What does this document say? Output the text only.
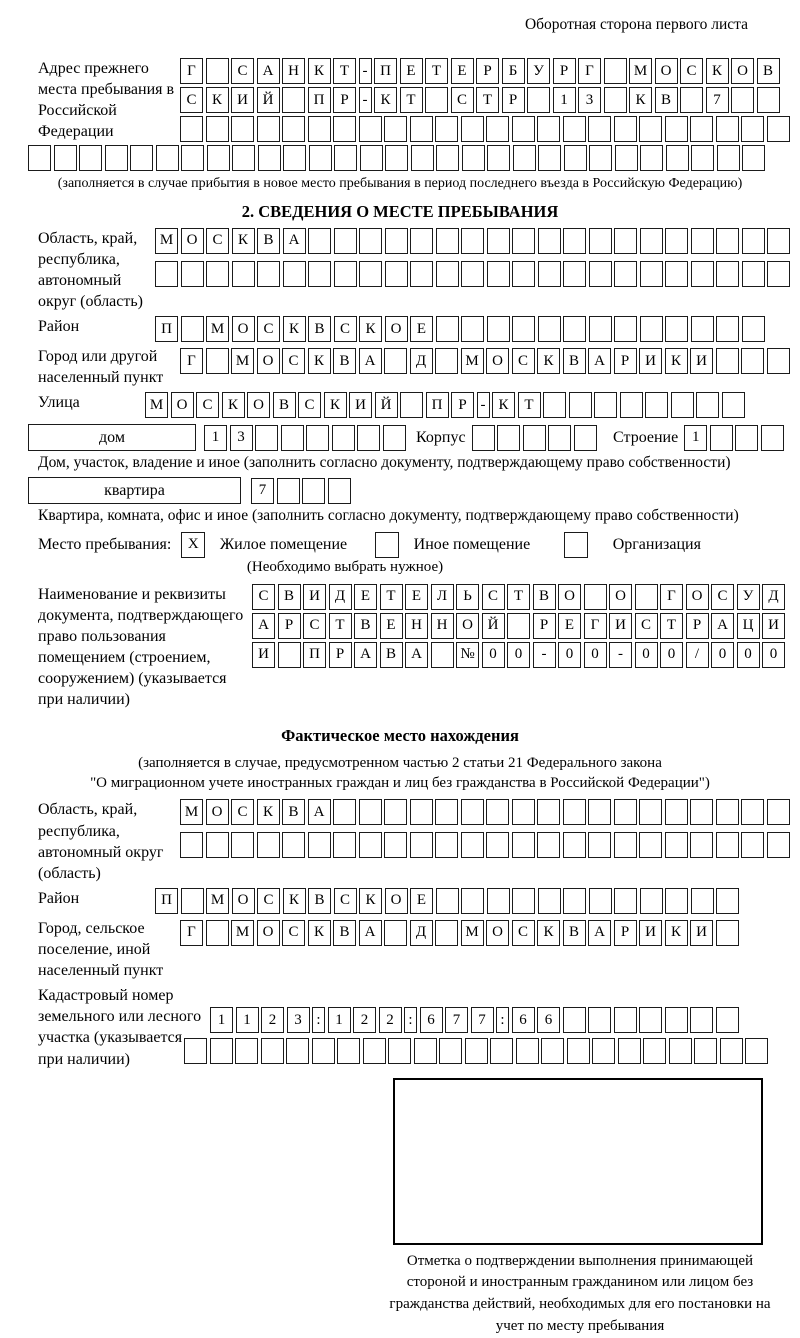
Оборотная сторона первого листа
Адрес прежнего места пребывания в Российской Федерации
Г	С	А Н	К	Т - П	Е	Т	Е	Р	Б	У	Р	Г	М О	С	К	О	В
С	К	И Й	П	Р - К	Т	С	Т	Р	1	3	К	В	7
(заполняется в случае прибытия в новое место пребывания в период последнего въезда в Российскую Федерацию)
2. СВЕДЕНИЯ О МЕСТЕ ПРЕБЫВАНИЯ
Область, край, республика, автономный округ (область)
М О	С	К	В	А
Район	П	М О	С	К	В	С	К	О	Е
Город или другой населенный пункт
Г	М О	С	К	В	А	Д	М О	С	К	В	А	Р	И	К	И
Улица	М О	С	К	О	В	С	К	И Й	П	Р - К	Т
дом	1	3	Корпус	Строение 1
Дом, участок, владение и иное (заполнить согласно документу, подтверждающему право собственности)
квартира	7
Квартира, комната, офис и иное (заполнить согласно документу, подтверждающему право собственности)
Место пребывания:	X	Жилое помещение	Иное помещение	Организация
(Необходимо выбрать нужное)
Наименование и реквизиты документа, подтверждающего право пользования помещением (строением, сооружением) (указывается при наличии)
С	В	И Д	Е	Т	Е	Л	Ь	С	Т	В	О	О	Г	О	С	У	Д
А	Р	С	Т	В	Е	Н Н О Й	Р	Е	Г	И	С	Т	Р	А Ц И
И	П	Р	А	В	А	№ 0	0	-	0	0	-	0	0	/	0	0	0
Фактическое место нахождения
(заполняется в случае, предусмотренном частью 2 статьи 21 Федерального закона
"О миграционном учете иностранных граждан и лиц без гражданства в Российской Федерации")
Область, край, республика, автономный округ (область)
М О	С	К	В	А
Район	П	М О	С	К	В	С	К	О	Е
Город, сельское поселение, иной населенный пункт
Г	М О	С	К	В	А	Д	М О	С	К	В	А	Р	И	К	И
Кадастровый номер земельного или лесного участка (указывается при наличии)
1	1	2	3 : 1	2	2 : 6	7	7 : 6	6
Отметка о подтверждении выполнения принимающей стороной и иностранным гражданином или лицом без гражданства действий, необходимых для его постановки на учет по месту пребывания
